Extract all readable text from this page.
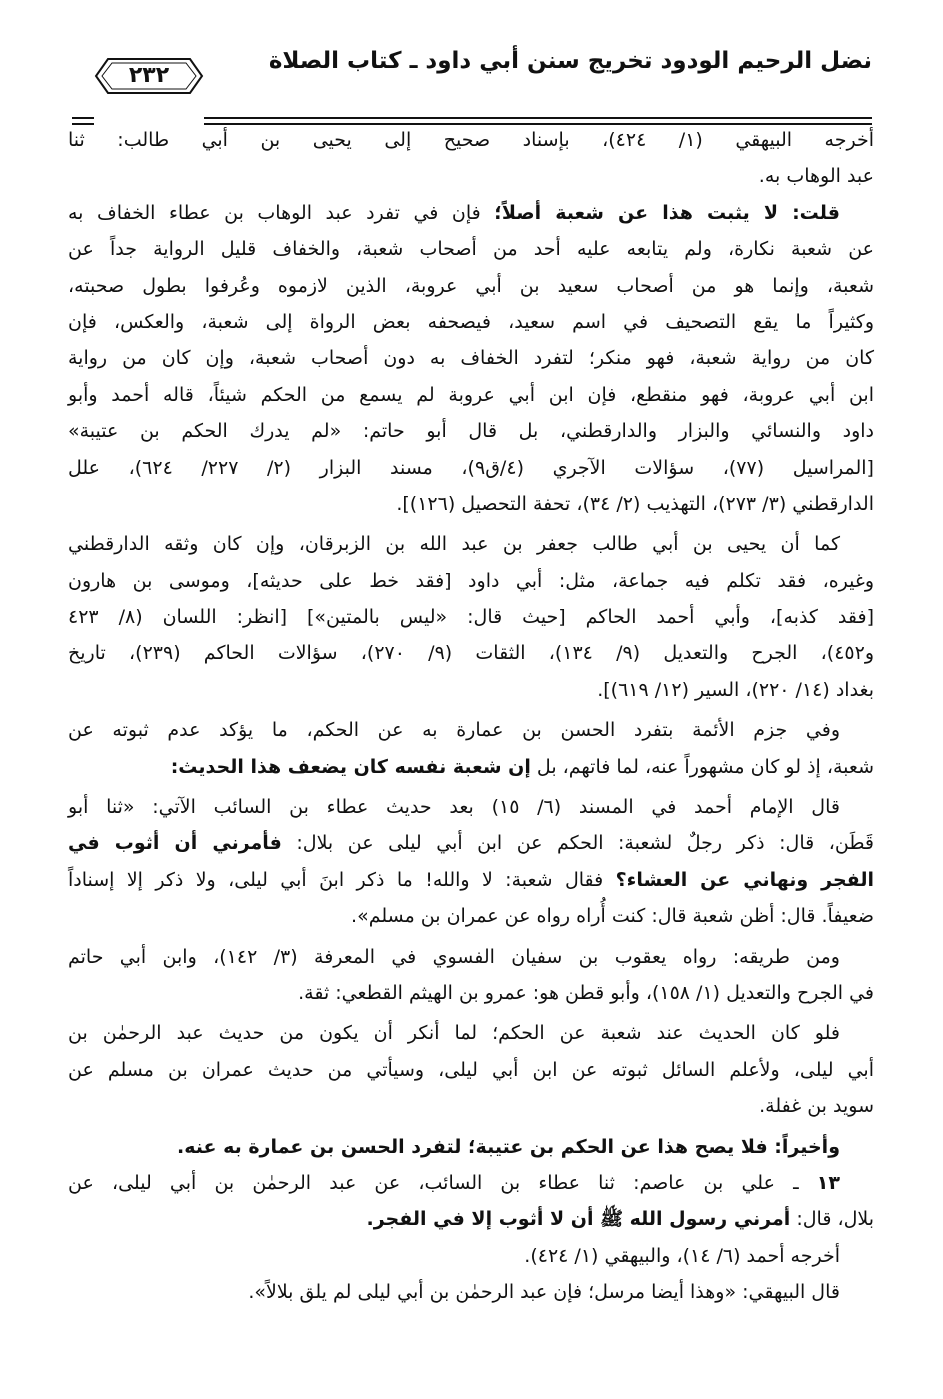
نضل الرحيم الودود تخريج سنن أبي داود ـ كتاب الصلاة
٢٣٢

أخرجه البيهقي (١/ ٤٢٤)، بإسناد صحيح إلى يحيى بن أبي طالب: ثنا

عبد الوهاب به.

قلت: لا يثبت هذا عن شعبة أصلاً؛ فإن في تفرد عبد الوهاب بن عطاء الخفاف به

عن شعبة نكارة، ولم يتابعه عليه أحد من أصحاب شعبة، والخفاف قليل الرواية جداً عن

شعبة، وإنما هو من أصحاب سعيد بن أبي عروبة، الذين لازموه وعُرفوا بطول صحبته،

وكثيراً ما يقع التصحيف في اسم سعيد، فيصحفه بعض الرواة إلى شعبة، والعكس، فإن

كان من رواية شعبة، فهو منكر؛ لتفرد الخفاف به دون أصحاب شعبة، وإن كان من رواية

ابن أبي عروبة، فهو منقطع، فإن ابن أبي عروبة لم يسمع من الحكم شيئاً، قاله أحمد وأبو

داود والنسائي والبزار والدارقطني، بل قال أبو حاتم: «لم يدرك الحكم بن عتيبة»

[المراسيل (٧٧)، سؤالات الآجري (٤/ق٩)، مسند البزار (٢/ ٢٢٧/ ٦٢٤)، علل

الدارقطني (٣/ ٢٧٣)، التهذيب (٢/ ٣٤)، تحفة التحصيل (١٢٦)].

كما أن يحيى بن أبي طالب جعفر بن عبد الله بن الزبرقان، وإن كان وثقه الدارقطني

وغيره، فقد تكلم فيه جماعة، مثل: أبي داود [فقد خط على حديثه]، وموسى بن هارون

[فقد كذبه]، وأبي أحمد الحاكم [حيث قال: «ليس بالمتين»] [انظر: اللسان (٨/ ٤٢٣

و٤٥٢)، الجرح والتعديل (٩/ ١٣٤)، الثقات (٩/ ٢٧٠)، سؤالات الحاكم (٢٣٩)، تاريخ

بغداد (١٤/ ٢٢٠)، السير (١٢/ ٦١٩)].

وفي جزم الأئمة بتفرد الحسن بن عمارة به عن الحكم، ما يؤكد عدم ثبوته عن

شعبة، إذ لو كان مشهوراً عنه، لما فاتهم، بل إن شعبة نفسه كان يضعف هذا الحديث:

قال الإمام أحمد في المسند (٦/ ١٥) بعد حديث عطاء بن السائب الآتي: «ثنا أبو

قَطَن، قال: ذكر رجلٌ لشعبة: الحكم عن ابن أبي ليلى عن بلال: فأمرني أن أثوب في

الفجر ونهاني عن العشاء؟ فقال شعبة: لا والله! ما ذكر ابنَ أبي ليلى، ولا ذكر إلا إسناداً

ضعيفاً. قال: أظن شعبة قال: كنت أُراه رواه عن عمران بن مسلم».

ومن طريقه: رواه يعقوب بن سفيان الفسوي في المعرفة (٣/ ١٤٢)، وابن أبي حاتم

في الجرح والتعديل (١/ ١٥٨)، وأبو قطن هو: عمرو بن الهيثم القطعي: ثقة.

فلو كان الحديث عند شعبة عن الحكم؛ لما أنكر أن يكون من حديث عبد الرحمٰن بن

أبي ليلى، ولأعلم السائل ثبوته عن ابن أبي ليلى، وسيأتي من حديث عمران بن مسلم عن

سويد بن غفلة.

وأخيراً: فلا يصح هذا عن الحكم بن عتيبة؛ لتفرد الحسن بن عمارة به عنه.

١٣ ـ علي بن عاصم: ثنا عطاء بن السائب، عن عبد الرحمٰن بن أبي ليلى، عن

بلال، قال: أمرني رسول الله ﷺ أن لا أثوب إلا في الفجر.

أخرجه أحمد (٦/ ١٤)، والبيهقي (١/ ٤٢٤).

قال البيهقي: «وهذا أيضا مرسل؛ فإن عبد الرحمٰن بن أبي ليلى لم يلق بلالاً».
